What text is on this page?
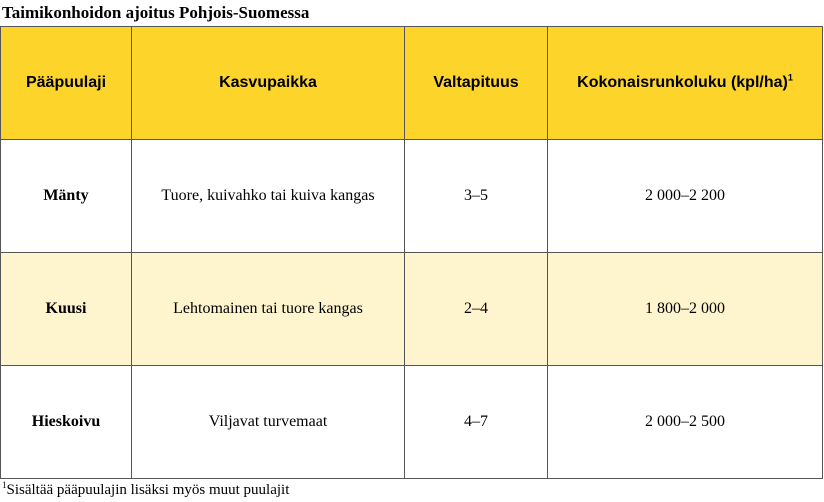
Taimikonhoidon ajoitus Pohjois-Suomessa
Pääpuulaji	Kasvupaikka	Valtapituus	Kokonaisrunkoluku (kpl/ha)$^1$
Mänty	Tuore, kuivahko tai kuiva kangas	3–5	2 000–2 200
Kuusi	Lehtomainen tai tuore kangas	2–4	1 800–2 000
Hieskoivu	Viljavat turvemaat	4–7	2 000–2 500
$^1$Sisältää pääpuulajin lisäksi myös muut puulajit
